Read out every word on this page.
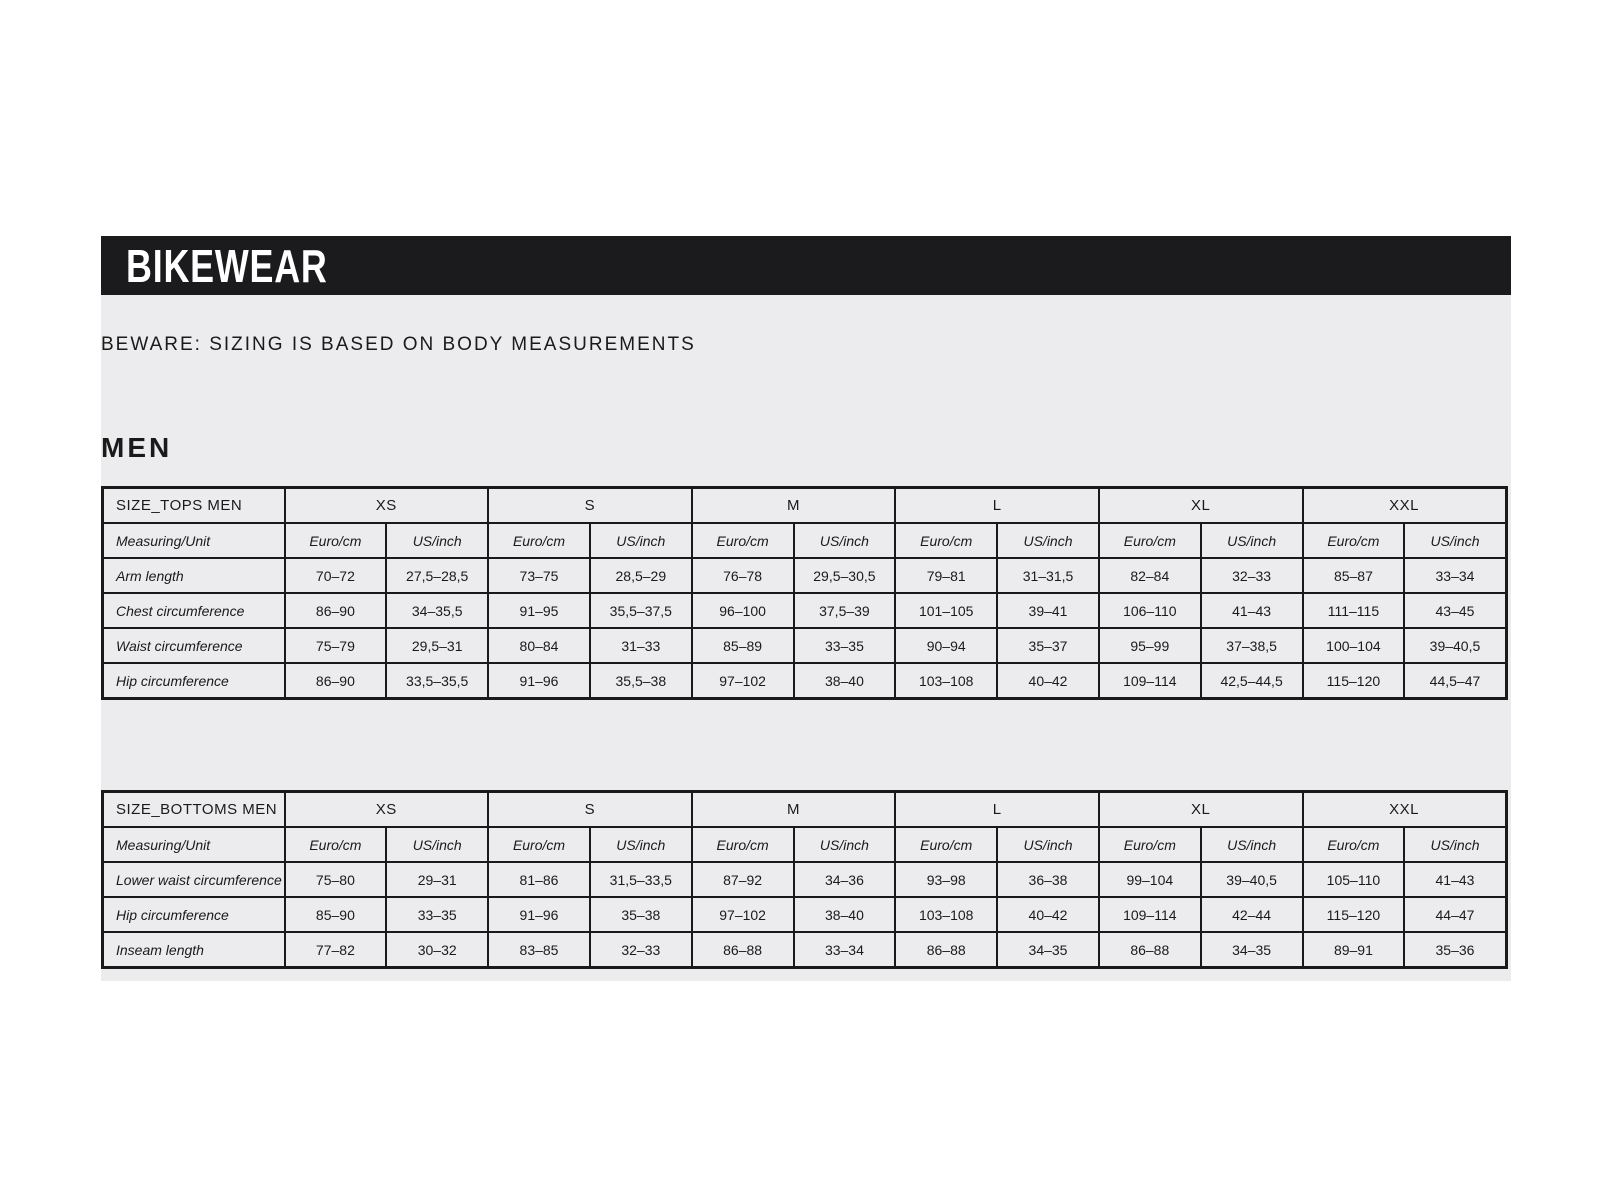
BIKEWEAR
BEWARE: SIZING IS BASED ON BODY MEASUREMENTS
MEN
SIZE_TOPS MEN	XS		S		M		L		XL		XXL	
Measuring/Unit	Euro/cm	US/inch	Euro/cm	US/inch	Euro/cm	US/inch	Euro/cm	US/inch	Euro/cm	US/inch	Euro/cm	US/inch
Arm length	70–72	27,5–28,5	73–75	28,5–29	76–78	29,5–30,5	79–81	31–31,5	82–84	32–33	85–87	33–34
Chest circumference	86–90	34–35,5	91–95	35,5–37,5	96–100	37,5–39	101–105	39–41	106–110	41–43	111–115	43–45
Waist circumference	75–79	29,5–31	80–84	31–33	85–89	33–35	90–94	35–37	95–99	37–38,5	100–104	39–40,5
Hip circumference	86–90	33,5–35,5	91–96	35,5–38	97–102	38–40	103–108	40–42	109–114	42,5–44,5	115–120	44,5–47
SIZE_BOTTOMS MEN	XS		S		M		L		XL		XXL	
Measuring/Unit	Euro/cm	US/inch	Euro/cm	US/inch	Euro/cm	US/inch	Euro/cm	US/inch	Euro/cm	US/inch	Euro/cm	US/inch
Lower waist circumference	75–80	29–31	81–86	31,5–33,5	87–92	34–36	93–98	36–38	99–104	39–40,5	105–110	41–43
Hip circumference	85–90	33–35	91–96	35–38	97–102	38–40	103–108	40–42	109–114	42–44	115–120	44–47
Inseam length	77–82	30–32	83–85	32–33	86–88	33–34	86–88	34–35	86–88	34–35	89–91	35–36
